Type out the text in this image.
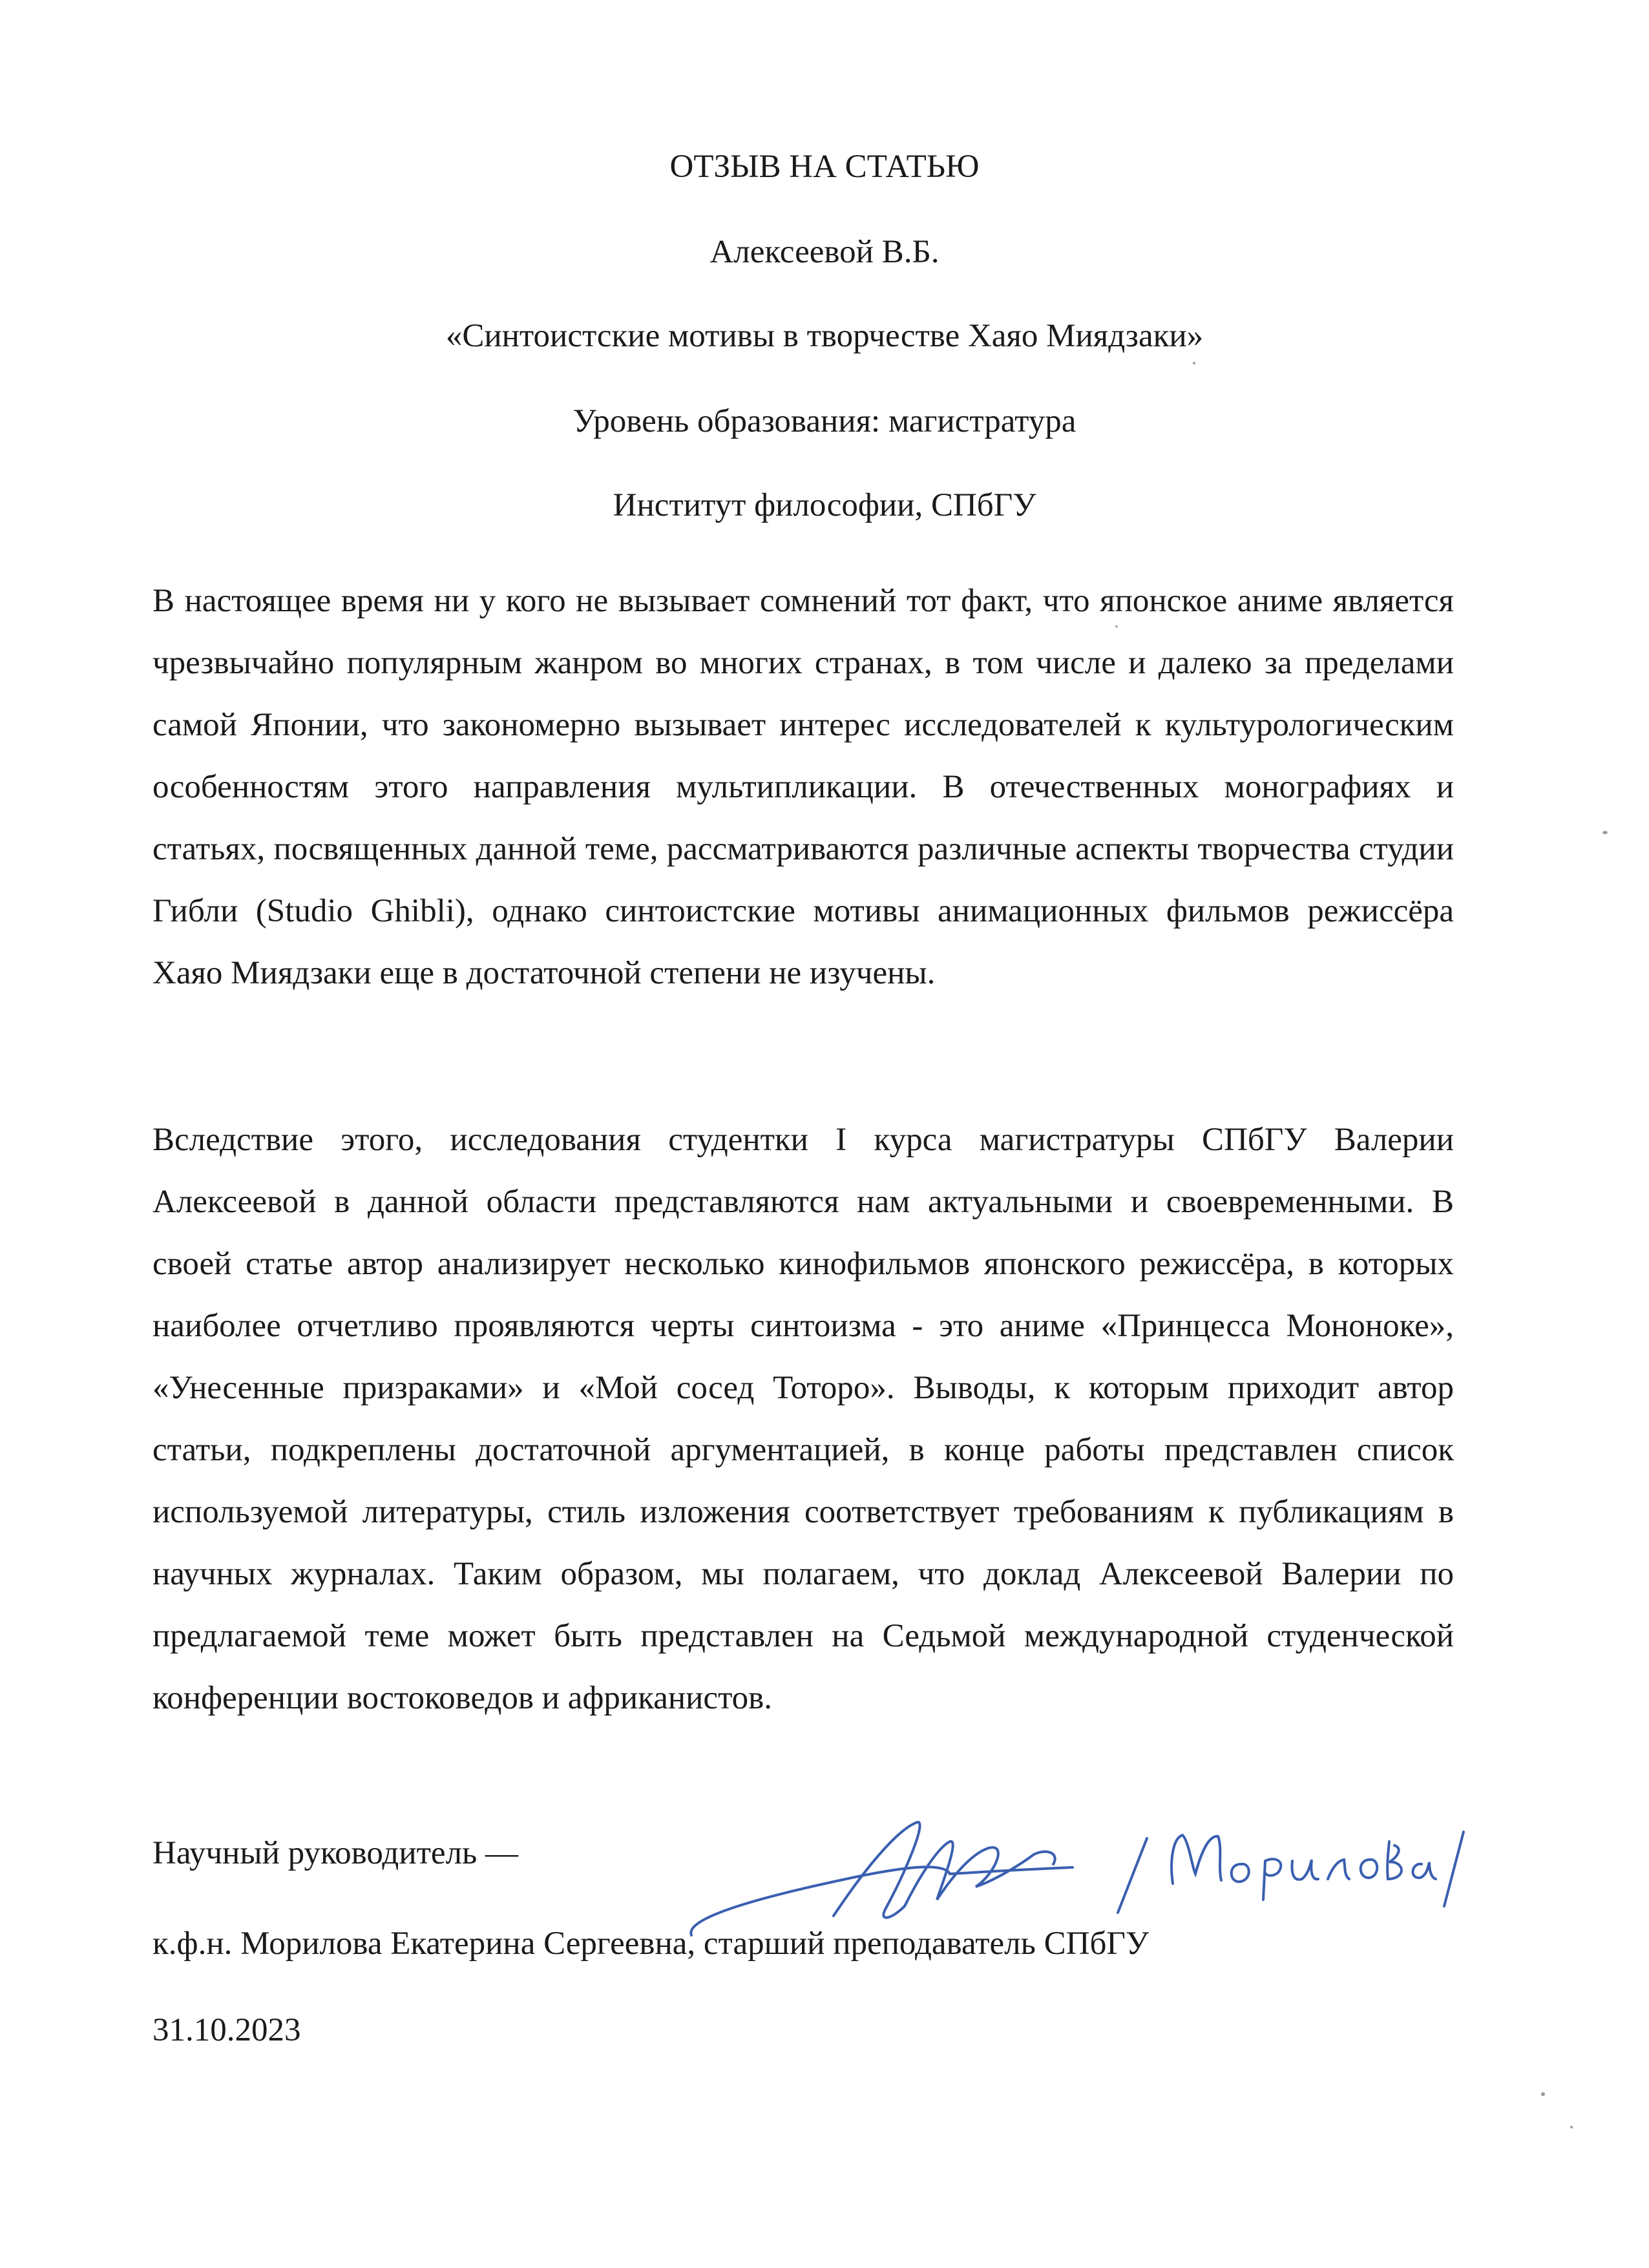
ОТЗЫВ НА СТАТЬЮ
Алексеевой В.Б.
«Синтоистские мотивы в творчестве Хаяо Миядзаки»
Уровень образования: магистратура
Институт философии, СПбГУ
В настоящее время ни у кого не вызывает сомнений тот факт, что японское аниме является чрезвычайно популярным жанром во многих странах, в том числе и далеко за пределами самой Японии, что закономерно вызывает интерес исследователей к культурологическим особенностям этого направления мультипликации. В отечественных монографиях и статьях, посвященных данной теме, рассматриваются различные аспекты творчества студии Гибли (Studio Ghibli), однако синтоистские мотивы анимационных фильмов режиссёра Хаяо Миядзаки еще в достаточной степени не изучены.
Вследствие этого, исследования студентки I курса магистратуры СПбГУ Валерии Алексеевой в данной области представляются нам актуальными и своевременными. В своей статье автор анализирует несколько кинофильмов японского режиссёра, в которых наиболее отчетливо проявляются черты синтоизма - это аниме «Принцесса Мононоке», «Унесенные призраками» и «Мой сосед Тоторо». Выводы, к которым приходит автор статьи, подкреплены достаточной аргументацией, в конце работы представлен список используемой литературы, стиль изложения соответствует требованиям к публикациям в научных журналах. Таким образом, мы полагаем, что доклад Алексеевой Валерии по предлагаемой теме может быть представлен на Седьмой международной студенческой конференции востоковедов и африканистов.
Научный руководитель —
к.ф.н. Морилова Екатерина Сергеевна, старший преподаватель СПбГУ
31.10.2023
